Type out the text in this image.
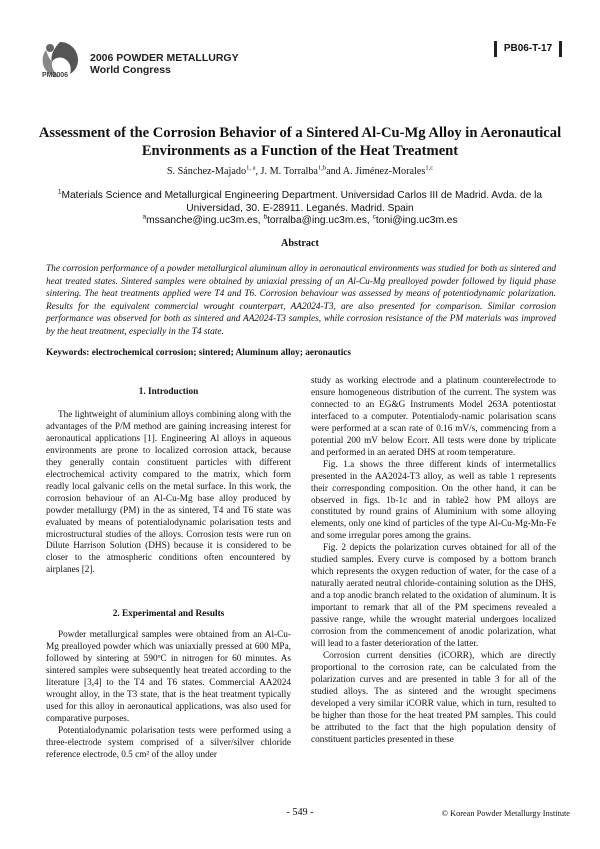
PM2006
2006 POWDER METALLURGY
World Congress
PB06-T-17
Assessment of the Corrosion Behavior of a Sintered Al-Cu-Mg Alloy in Aeronautical
Environments as a Function of the Heat Treatment
S. Sánchez-Majado$^{1, a}$, J. M. Torralba$^{1,b}$and A. Jiménez-Morales$^{1,c}$
$^1$Materials Science and Metallurgical Engineering Department. Universidad Carlos III de Madrid. Avda. de la
Universidad, 30. E-28911. Leganés. Madrid. Spain
$^a$mssanche@ing.uc3m.es, $^b$torralba@ing.uc3m.es, $^c$toni@ing.uc3m.es
Abstract
The corrosion performance of a powder metallurgical aluminum alloy in aeronautical environments was studied for both as sintered and heat treated states. Sintered samples were obtained by uniaxial pressing of an Al-Cu-Mg prealloyed powder followed by liquid phase sintering. The heat treatments applied were T4 and T6. Corrosion behaviour was assessed by means of potentiodynamic polarization. Results for the equivalent commercial wrought counterpart, AA2024-T3, are also presented for comparison. Similar corrosion performance was observed for both as sintered and AA2024-T3 samples, while corrosion resistance of the PM materials was improved by the heat treatment, especially in the T4 state.
Keywords: electrochemical corrosion; sintered; Aluminum alloy; aeronautics
1. Introduction

The lightweight of aluminium alloys combining along with the advantages of the P/M method are gaining increasing interest for aeronautical applications [1]. Engineering Al alloys in aqueous environments are prone to localized corrosion attack, because they generally contain constituent particles with different electrochemical activity compared to the matrix, which form readly local galvanic cells on the metal surface. In this work, the corrosion behaviour of an Al-Cu-Mg base alloy produced by powder metallurgy (PM) in the as sintered, T4 and T6 state was evaluated by means of potentialodynamic polarisation tests and microstructural studies of the alloys. Corrosion tests were run on Dilute Harrison Solution (DHS) because it is considered to be closer to the atmospheric conditions often encountered by airplanes [2].

2. Experimental and Results

Powder metallurgical samples were obtained from an Al-Cu-Mg prealloyed powder which was uniaxially pressed at 600 MPa, followed by sintering at 590ºC in nitrogen for 60 minutes. As sintered samples were subsequently heat treated according to the literature [3,4] to the T4 and T6 states. Commercial AA2024 wrought alloy, in the T3 state, that is the heat treatment typically used for this alloy in aeronautical applications, was also used for comparative purposes.

Potentialodynamic polarisation tests were performed using a three-electrode system comprised of a silver/silver chloride reference electrode, 0.5 cm² of the alloy under

study as working electrode and a platinum counterelectrode to ensure homogeneous distribution of the current. The system was connected to an EG&G Instruments Model 263A potentiostat interfaced to a computer. Potentialody-namic polarisation scans were performed at a scan rate of 0.16 mV/s, commencing from a potential 200 mV below Ecorr. All tests were done by triplicate and performed in an aerated DHS at room temperature.

Fig. 1.a shows the three different kinds of intermetallics presented in the AA2024-T3 alloy, as well as table 1 represents their corresponding composition. On the other hand, it can be observed in figs. 1b-1c and in table2 how PM alloys are constituted by round grains of Aluminium with some alloying elements, only one kind of particles of the type Al-Cu-Mg-Mn-Fe and some irregular pores among the grains.

Fig. 2 depicts the polarization curves obtained for all of the studied samples. Every curve is composed by a bottom branch which represents the oxygen reduction of water, for the case of a naturally aerated neutral chloride-containing solution as the DHS, and a top anodic branch related to the oxidation of aluminum. It is important to remark that all of the PM specimens revealed a passive range, while the wrought material undergoes localized corrosion from the commencement of anodic polarization, what will lead to a faster deterioration of the latter.

Corrosion current densities (iCORR), which are directly proportional to the corrosion rate, can be calculated from the polarization curves and are presented in table 3 for all of the studied alloys. The as sintered and the wrought specimens developed a very similar iCORR value, which in turn, resulted to be higher than those for the heat treated PM samples. This could be attributed to the fact that the high population density of constituent particles presented in these

- 549 -	© Korean Powder Metallurgy Institute
